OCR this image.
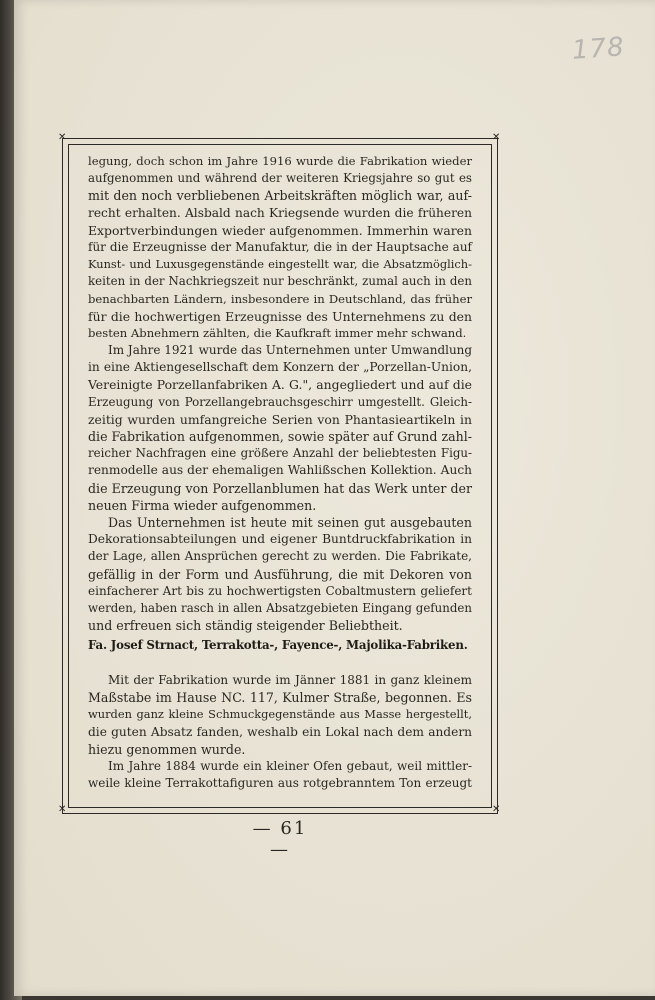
178
✕	✕
✕	✕
legung, doch schon im Jahre 1916 wurde die Fabrikation wieder
aufgenommen und während der weiteren Kriegsjahre so gut es
mit den noch verbliebenen Arbeitskräften möglich war, auf-
recht erhalten. Alsbald nach Kriegsende wurden die früheren
Exportverbindungen wieder aufgenommen. Immerhin waren
für die Erzeugnisse der Manufaktur, die in der Hauptsache auf
Kunst- und Luxusgegenstände eingestellt war, die Absatzmöglich-
keiten in der Nachkriegszeit nur beschränkt, zumal auch in den
benachbarten Ländern, insbesondere in Deutschland, das früher
für die hochwertigen Erzeugnisse des Unternehmens zu den
besten Abnehmern zählten, die Kaufkraft immer mehr schwand.
Im Jahre 1921 wurde das Unternehmen unter Umwandlung
in eine Aktiengesellschaft dem Konzern der „Porzellan-Union,
Vereinigte Porzellanfabriken A. G.", angegliedert und auf die
Erzeugung von Porzellangebrauchsgeschirr umgestellt. Gleich-
zeitig wurden umfangreiche Serien von Phantasieartikeln in
die Fabrikation aufgenommen, sowie später auf Grund zahl-
reicher Nachfragen eine größere Anzahl der beliebtesten Figu-
renmodelle aus der ehemaligen Wahlißschen Kollektion. Auch
die Erzeugung von Porzellanblumen hat das Werk unter der
neuen Firma wieder aufgenommen.
Das Unternehmen ist heute mit seinen gut ausgebauten
Dekorationsabteilungen und eigener Buntdruckfabrikation in
der Lage, allen Ansprüchen gerecht zu werden. Die Fabrikate,
gefällig in der Form und Ausführung, die mit Dekoren von
einfacherer Art bis zu hochwertigsten Cobaltmustern geliefert
werden, haben rasch in allen Absatzgebieten Eingang gefunden
und erfreuen sich ständig steigender Beliebtheit.
Fa. Josef Strnact, Terrakotta-, Fayence-, Majolika-Fabriken.
Mit der Fabrikation wurde im Jänner 1881 in ganz kleinem
Maßstabe im Hause NC. 117, Kulmer Straße, begonnen. Es
wurden ganz kleine Schmuckgegenstände aus Masse hergestellt,
die guten Absatz fanden, weshalb ein Lokal nach dem andern
hiezu genommen wurde.
Im Jahre 1884 wurde ein kleiner Ofen gebaut, weil mittler-
weile kleine Terrakottafiguren aus rotgebranntem Ton erzeugt
— 61 —
